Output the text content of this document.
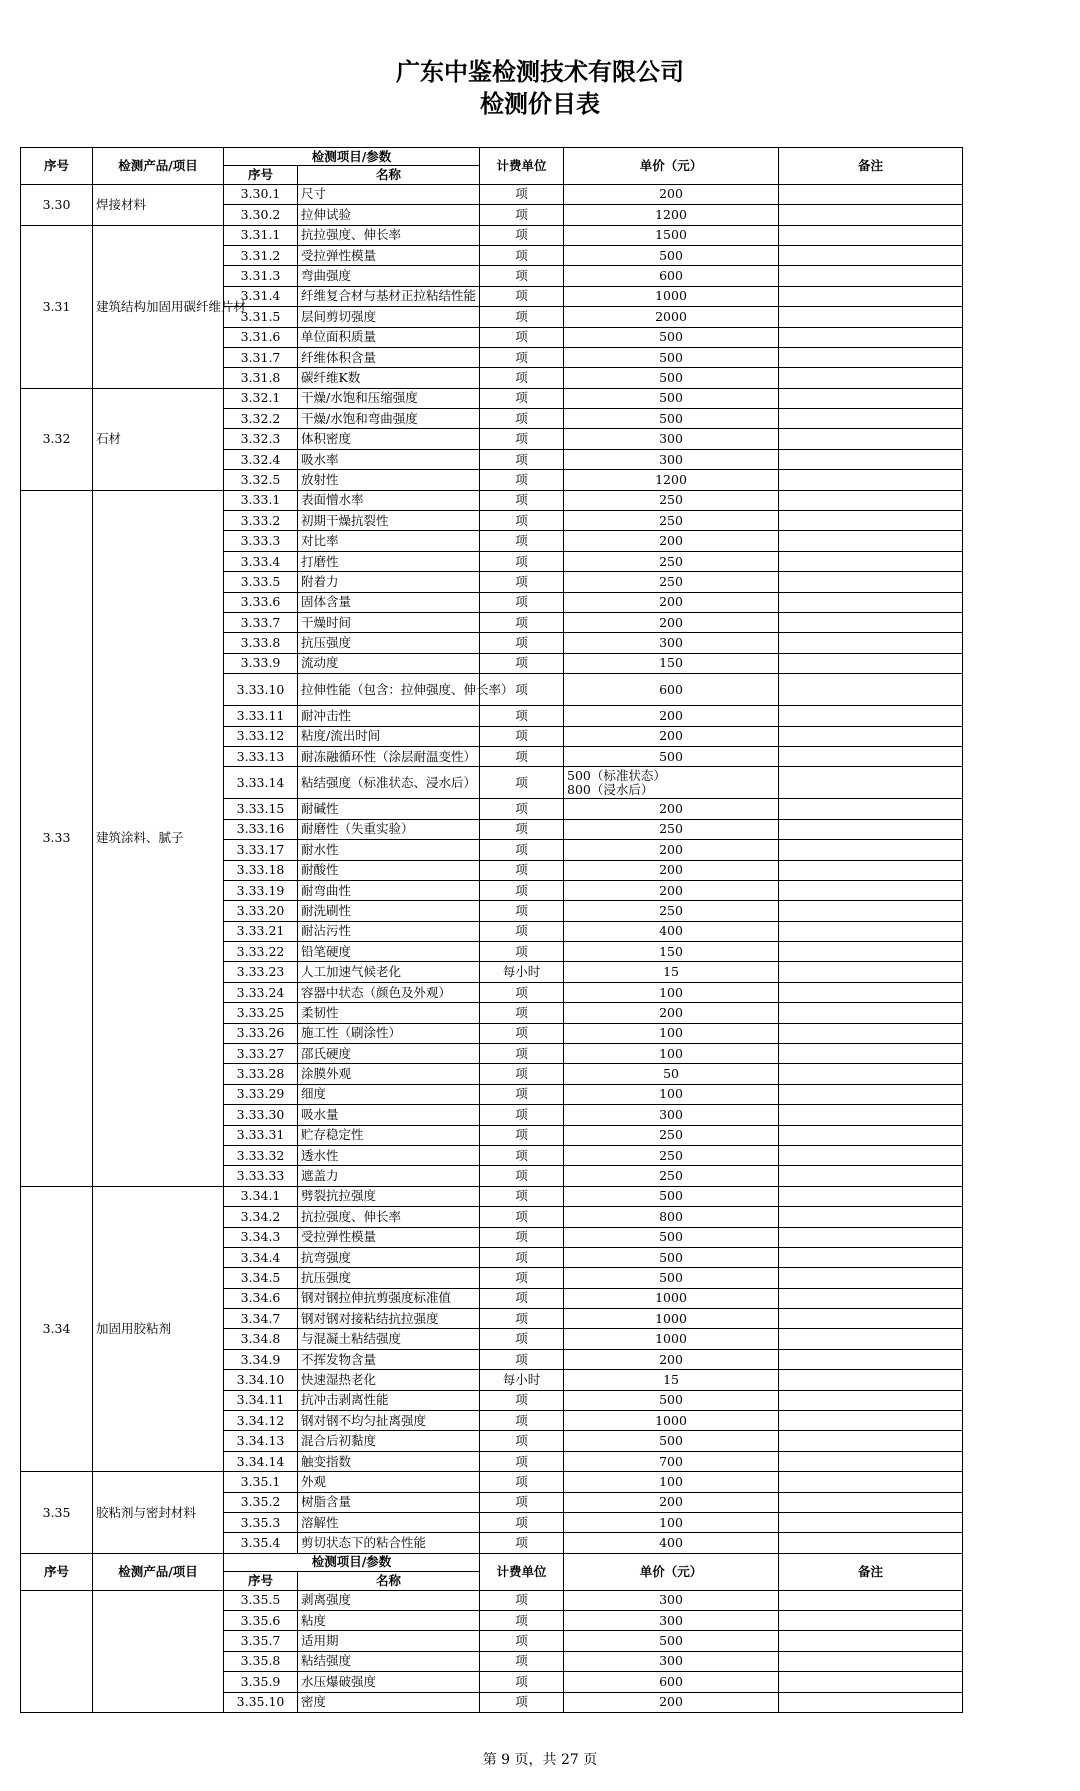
广东中鉴检测技术有限公司
检测价目表
序号	检测产品/项目	检测项目/参数		计费单位	单价（元）	备注
		序号	名称			
3.30	焊接材料	3.30.1	尺寸	项	200	
		3.30.2	拉伸试验	项	1200	
3.31	建筑结构加固用碳纤维片材	3.31.1	抗拉强度、伸长率	项	1500	
		3.31.2	受拉弹性模量	项	500	
		3.31.3	弯曲强度	项	600	
		3.31.4	纤维复合材与基材正拉粘结性能	项	1000	
		3.31.5	层间剪切强度	项	2000	
		3.31.6	单位面积质量	项	500	
		3.31.7	纤维体积含量	项	500	
		3.31.8	碳纤维K数	项	500	
3.32	石材	3.32.1	干燥/水饱和压缩强度	项	500	
		3.32.2	干燥/水饱和弯曲强度	项	500	
		3.32.3	体积密度	项	300	
		3.32.4	吸水率	项	300	
		3.32.5	放射性	项	1200	
3.33	建筑涂料、腻子	3.33.1	表面憎水率	项	250	
		3.33.2	初期干燥抗裂性	项	250	
		3.33.3	对比率	项	200	
		3.33.4	打磨性	项	250	
		3.33.5	附着力	项	250	
		3.33.6	固体含量	项	200	
		3.33.7	干燥时间	项	200	
		3.33.8	抗压强度	项	300	
		3.33.9	流动度	项	150	
		3.33.10	拉伸性能（包含：拉伸强度、伸长率）	项	600	
		3.33.11	耐冲击性	项	200	
		3.33.12	粘度/流出时间	项	200	
		3.33.13	耐冻融循环性（涂层耐温变性）	项	500	
		3.33.14	粘结强度（标准状态、浸水后）	项	500（标准状态）
800（浸水后）	
		3.33.15	耐碱性	项	200	
		3.33.16	耐磨性（失重实验）	项	250	
		3.33.17	耐水性	项	200	
		3.33.18	耐酸性	项	200	
		3.33.19	耐弯曲性	项	200	
		3.33.20	耐洗刷性	项	250	
		3.33.21	耐沾污性	项	400	
		3.33.22	铅笔硬度	项	150	
		3.33.23	人工加速气候老化	每小时	15	
		3.33.24	容器中状态（颜色及外观）	项	100	
		3.33.25	柔韧性	项	200	
		3.33.26	施工性（刷涂性）	项	100	
		3.33.27	邵氏硬度	项	100	
		3.33.28	涂膜外观	项	50	
		3.33.29	细度	项	100	
		3.33.30	吸水量	项	300	
		3.33.31	贮存稳定性	项	250	
		3.33.32	透水性	项	250	
		3.33.33	遮盖力	项	250	
3.34	加固用胶粘剂	3.34.1	劈裂抗拉强度	项	500	
		3.34.2	抗拉强度、伸长率	项	800	
		3.34.3	受拉弹性模量	项	500	
		3.34.4	抗弯强度	项	500	
		3.34.5	抗压强度	项	500	
		3.34.6	钢对钢拉伸抗剪强度标准值	项	1000	
		3.34.7	钢对钢对接粘结抗拉强度	项	1000	
		3.34.8	与混凝土粘结强度	项	1000	
		3.34.9	不挥发物含量	项	200	
		3.34.10	快速湿热老化	每小时	15	
		3.34.11	抗冲击剥离性能	项	500	
		3.34.12	钢对钢不均匀扯离强度	项	1000	
		3.34.13	混合后初黏度	项	500	
		3.34.14	触变指数	项	700	
3.35	胶粘剂与密封材料	3.35.1	外观	项	100	
		3.35.2	树脂含量	项	200	
		3.35.3	溶解性	项	100	
		3.35.4	剪切状态下的粘合性能	项	400	
序号	检测产品/项目	检测项目/参数		计费单位	单价（元）	备注
		序号	名称			
		3.35.5	剥离强度	项	300	
		3.35.6	粘度	项	300	
		3.35.7	适用期	项	500	
		3.35.8	粘结强度	项	300	
		3.35.9	水压爆破强度	项	600	
		3.35.10	密度	项	200	
第 9 页，共 27 页
